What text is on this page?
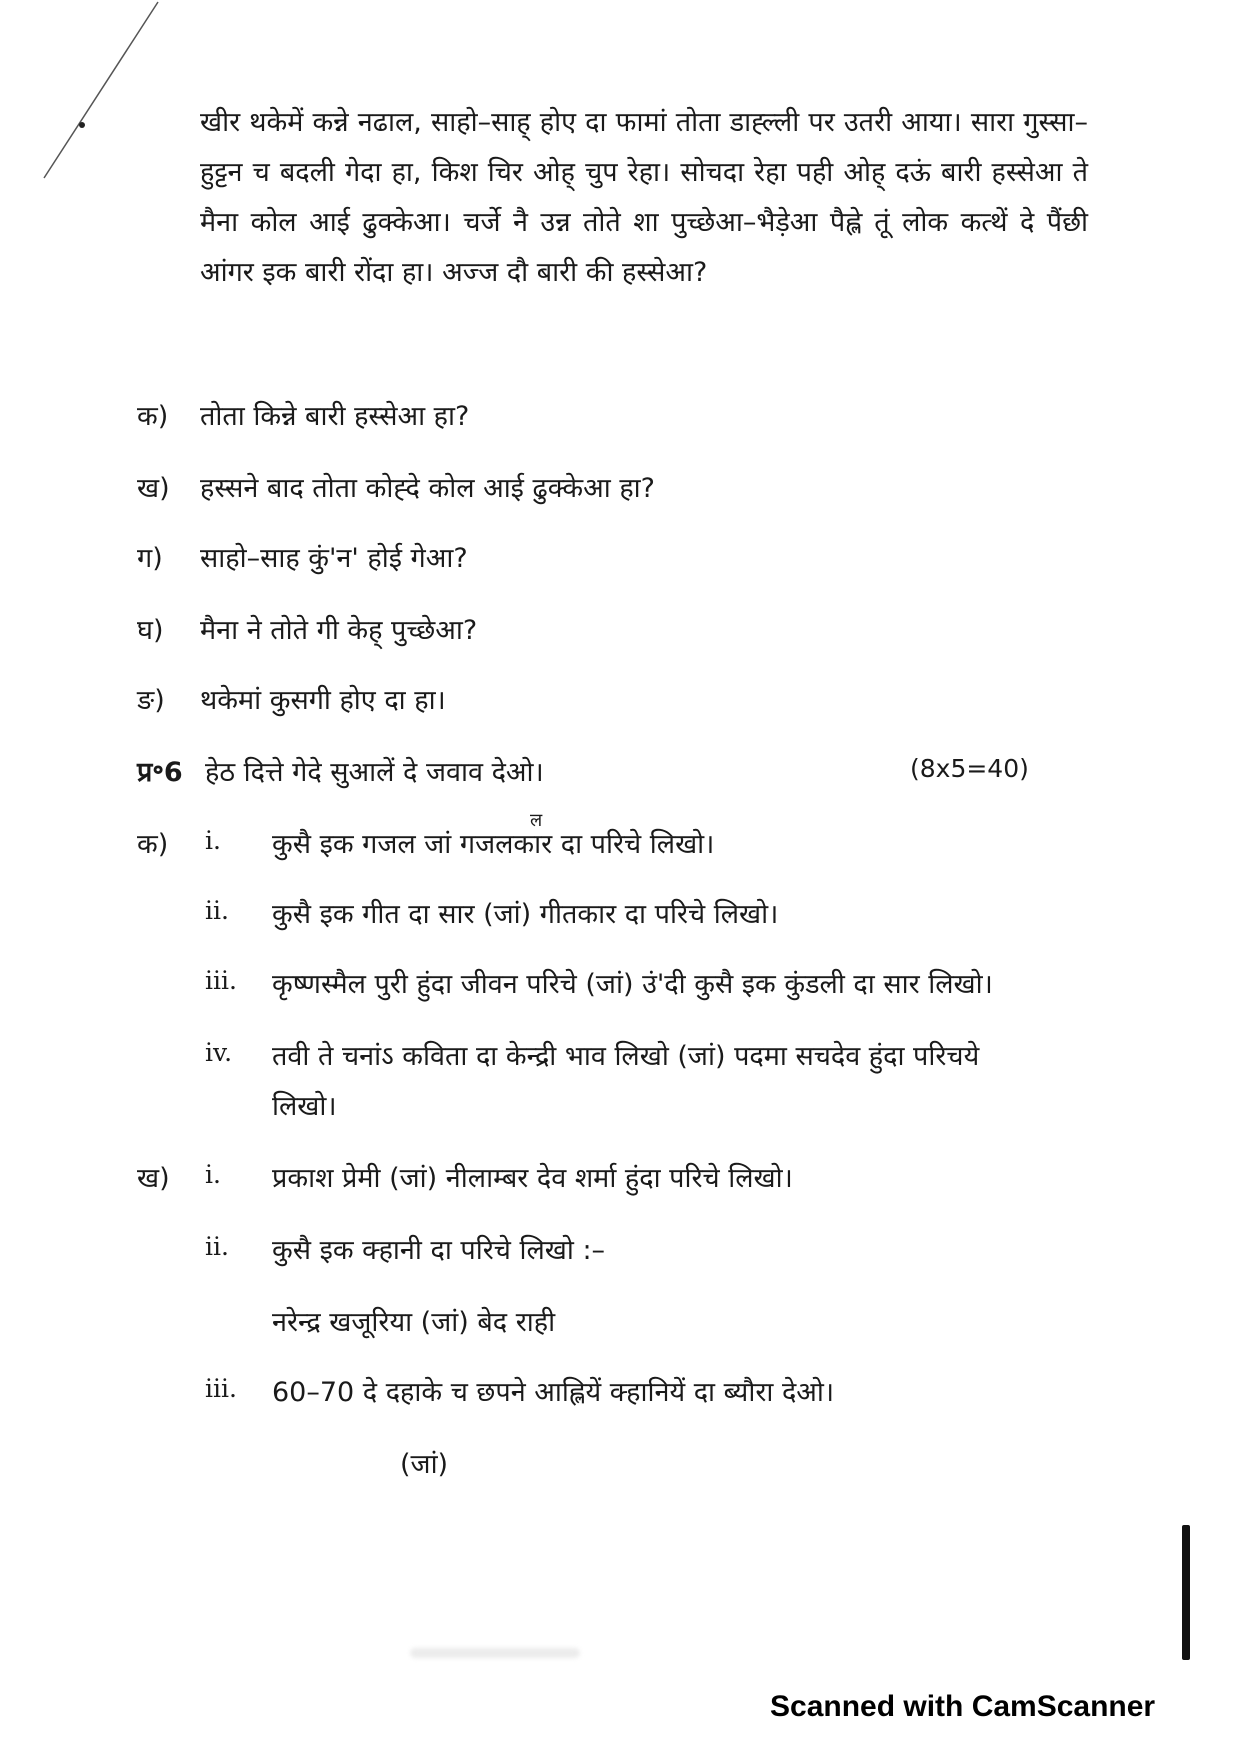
खीर थकेमें कन्ने नढाल, साहो–साह् होए दा फामां तोता डाह्ल्ली पर उतरी आया। सारा गुस्सा– हुट्टन च बदली गेदा हा, किश चिर ओह् चुप रेहा। सोचदा रेहा पही ओह् दऊं बारी हस्सेआ ते मैना कोल आई ढुक्केआ। चर्जे नै उन्न तोते शा पुच्छेआ–भैड़ेआ पैह्ले तूं लोक कत्थें दे पैंछी आंगर इक बारी रोंदा हा। अज्ज दौ बारी की हस्सेआ?
क) तोता किन्ने बारी हस्सेआ हा?
ख) हस्सने बाद तोता कोह्दे कोल आई ढुक्केआ हा?
ग) साहो–साह कुं'न' होई गेआ?
घ) मैना ने तोते गी केह् पुच्छेआ?
ङ) थकेमां कुसगी होए दा हा।
प्र॰6 हेठ दित्ते गेदे सुआलें दे जवाव देओ।	(8x5=40)
क) i. कुसै इक गजल जां गजलकार दा परिचे लिखो।
ल
ii. कुसै इक गीत दा सार (जां) गीतकार दा परिचे लिखो।
iii. कृष्णस्मैल पुरी हुंदा जीवन परिचे (जां) उं'दी कुसै इक कुंडली दा सार लिखो।
iv. तवी ते चनांऽ कविता दा केन्द्री भाव लिखो (जां) पदमा सचदेव हुंदा परिचये
लिखो।
ख) i. प्रकाश प्रेमी (जां) नीलाम्बर देव शर्मा हुंदा परिचे लिखो।
ii. कुसै इक क्हानी दा परिचे लिखो :–
नरेन्द्र खजूरिया (जां) बेद राही
iii. 60–70 दे दहाके च छपने आह्लियें क्हानियें दा ब्यौरा देओ।
(जां)
Scanned with CamScanner
